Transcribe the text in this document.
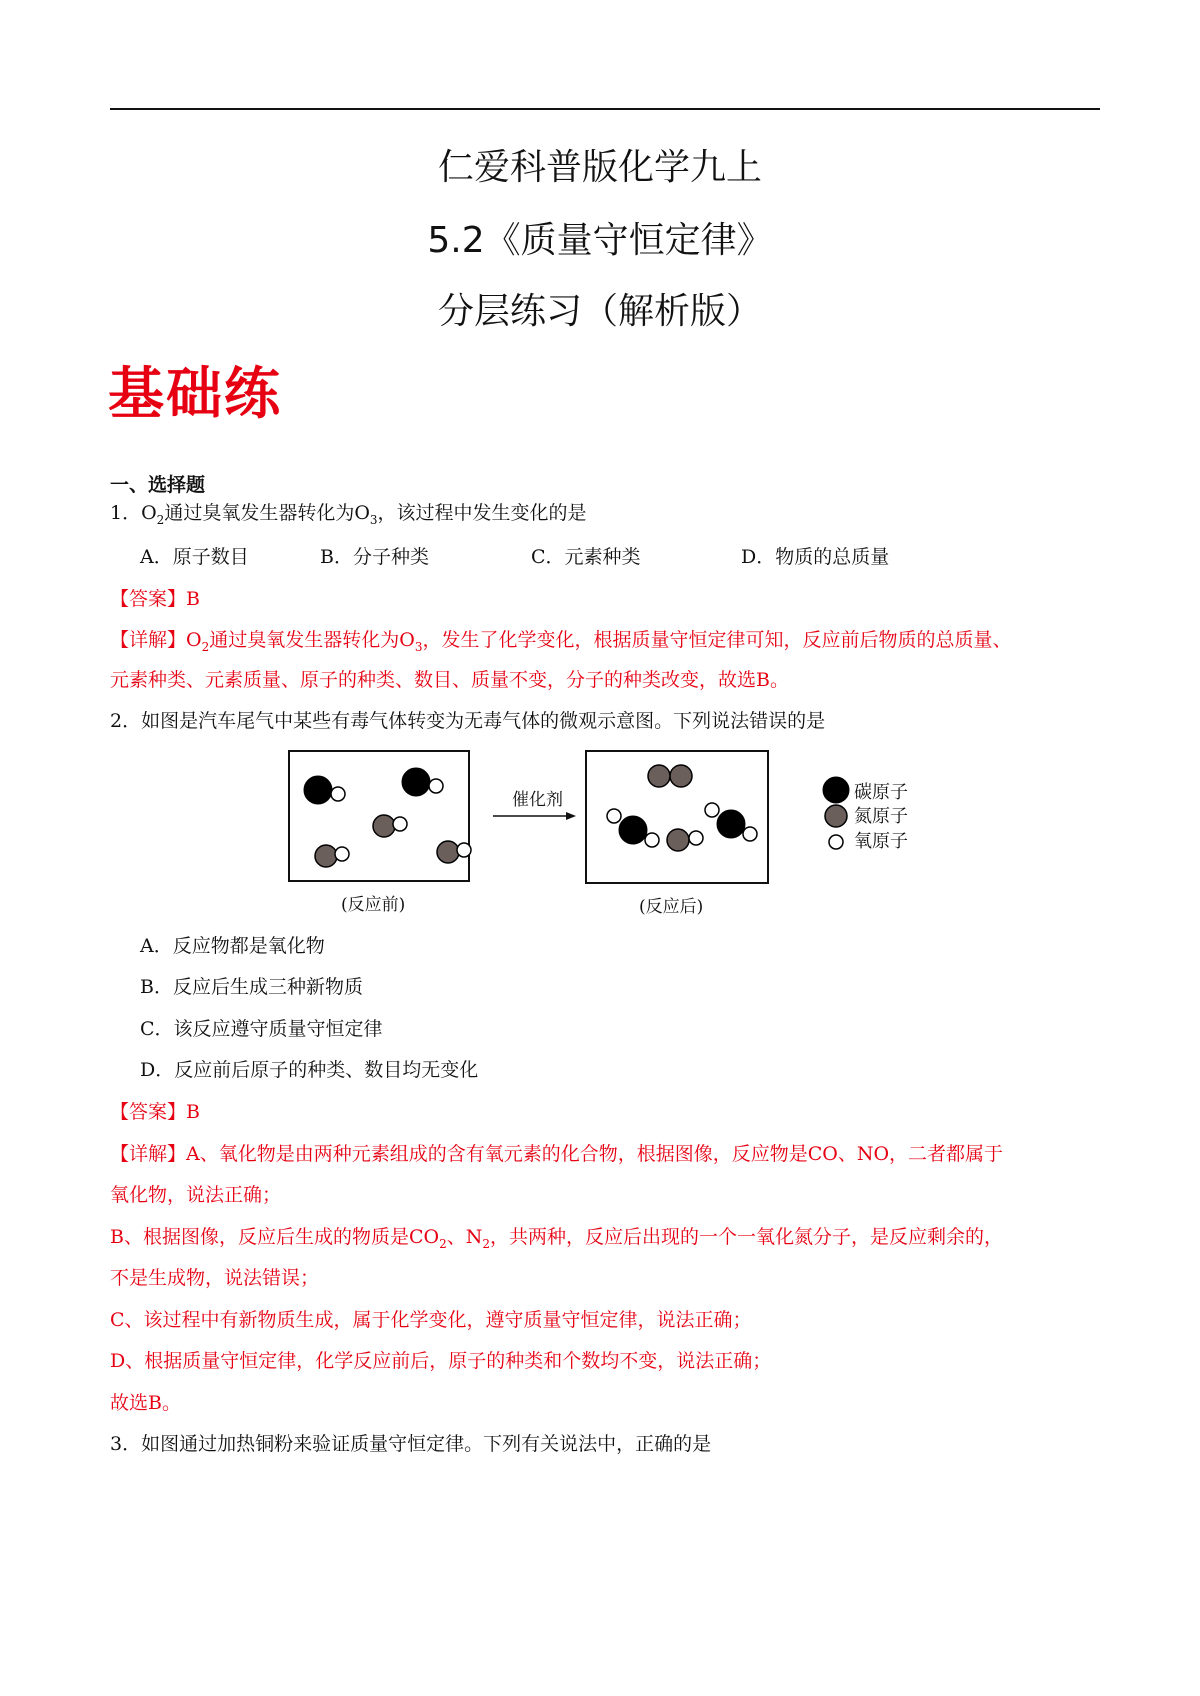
仁爱科普版化学九上
5.2《质量守恒定律》
分层练习（解析版）
基础练
一、选择题
1．$O_2$通过臭氧发生器转化为$O_3$，该过程中发生变化的是
A．原子数目	B．分子种类	C．元素种类	D．物质的总质量
【答案】B
【详解】$O_2$通过臭氧发生器转化为$O_3$，发生了化学变化，根据质量守恒定律可知，反应前后物质的总质量、
元素种类、元素质量、原子的种类、数目、质量不变，分子的种类改变，故选B。
2．如图是汽车尾气中某些有毒气体转变为无毒气体的微观示意图。下列说法错误的是
(反应前)
催化剂
(反应后)
碳原子
氮原子
氧原子
A．反应物都是氧化物
B．反应后生成三种新物质
C．该反应遵守质量守恒定律
D．反应前后原子的种类、数目均无变化
【答案】B
【详解】A、氧化物是由两种元素组成的含有氧元素的化合物，根据图像，反应物是CO、NO，二者都属于
氧化物，说法正确；
B、根据图像，反应后生成的物质是$CO_2$、$N_2$，共两种，反应后出现的一个一氧化氮分子，是反应剩余的，
不是生成物，说法错误；
C、该过程中有新物质生成，属于化学变化，遵守质量守恒定律，说法正确；
D、根据质量守恒定律，化学反应前后，原子的种类和个数均不变，说法正确；
故选B。
3．如图通过加热铜粉来验证质量守恒定律。下列有关说法中，正确的是
